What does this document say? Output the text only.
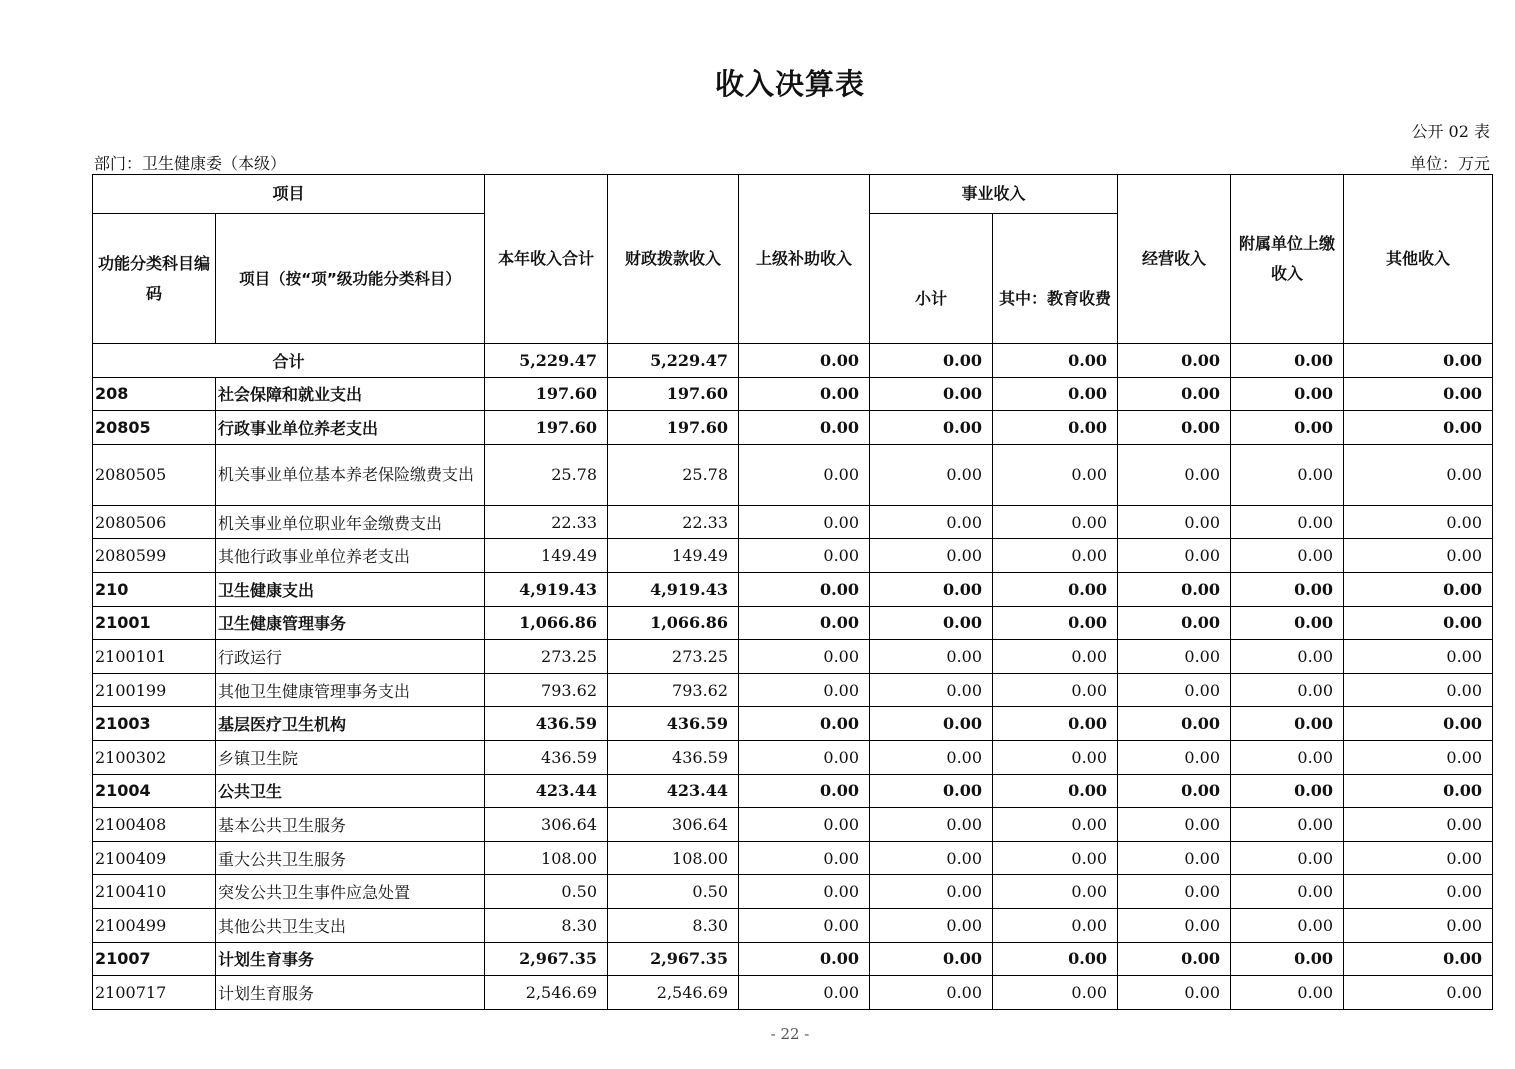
收入决算表
公开 02 表
部门：卫生健康委（本级）	单位：万元
项目		本年收入合计	财政拨款收入	上级补助收入	事业收入		经营收入	附属单位上缴收入	其他收入
功能分类科目编码	项目（按“项”级功能分类科目）				小计	其中：教育收费			
合计		5,229.47	5,229.47	0.00	0.00	0.00	0.00	0.00	0.00
208	社会保障和就业支出	197.60	197.60	0.00	0.00	0.00	0.00	0.00	0.00
20805	行政事业单位养老支出	197.60	197.60	0.00	0.00	0.00	0.00	0.00	0.00
2080505	机关事业单位基本养老保险缴费支出	25.78	25.78	0.00	0.00	0.00	0.00	0.00	0.00
2080506	机关事业单位职业年金缴费支出	22.33	22.33	0.00	0.00	0.00	0.00	0.00	0.00
2080599	其他行政事业单位养老支出	149.49	149.49	0.00	0.00	0.00	0.00	0.00	0.00
210	卫生健康支出	4,919.43	4,919.43	0.00	0.00	0.00	0.00	0.00	0.00
21001	卫生健康管理事务	1,066.86	1,066.86	0.00	0.00	0.00	0.00	0.00	0.00
2100101	行政运行	273.25	273.25	0.00	0.00	0.00	0.00	0.00	0.00
2100199	其他卫生健康管理事务支出	793.62	793.62	0.00	0.00	0.00	0.00	0.00	0.00
21003	基层医疗卫生机构	436.59	436.59	0.00	0.00	0.00	0.00	0.00	0.00
2100302	乡镇卫生院	436.59	436.59	0.00	0.00	0.00	0.00	0.00	0.00
21004	公共卫生	423.44	423.44	0.00	0.00	0.00	0.00	0.00	0.00
2100408	基本公共卫生服务	306.64	306.64	0.00	0.00	0.00	0.00	0.00	0.00
2100409	重大公共卫生服务	108.00	108.00	0.00	0.00	0.00	0.00	0.00	0.00
2100410	突发公共卫生事件应急处置	0.50	0.50	0.00	0.00	0.00	0.00	0.00	0.00
2100499	其他公共卫生支出	8.30	8.30	0.00	0.00	0.00	0.00	0.00	0.00
21007	计划生育事务	2,967.35	2,967.35	0.00	0.00	0.00	0.00	0.00	0.00
2100717	计划生育服务	2,546.69	2,546.69	0.00	0.00	0.00	0.00	0.00	0.00
- 22 -
